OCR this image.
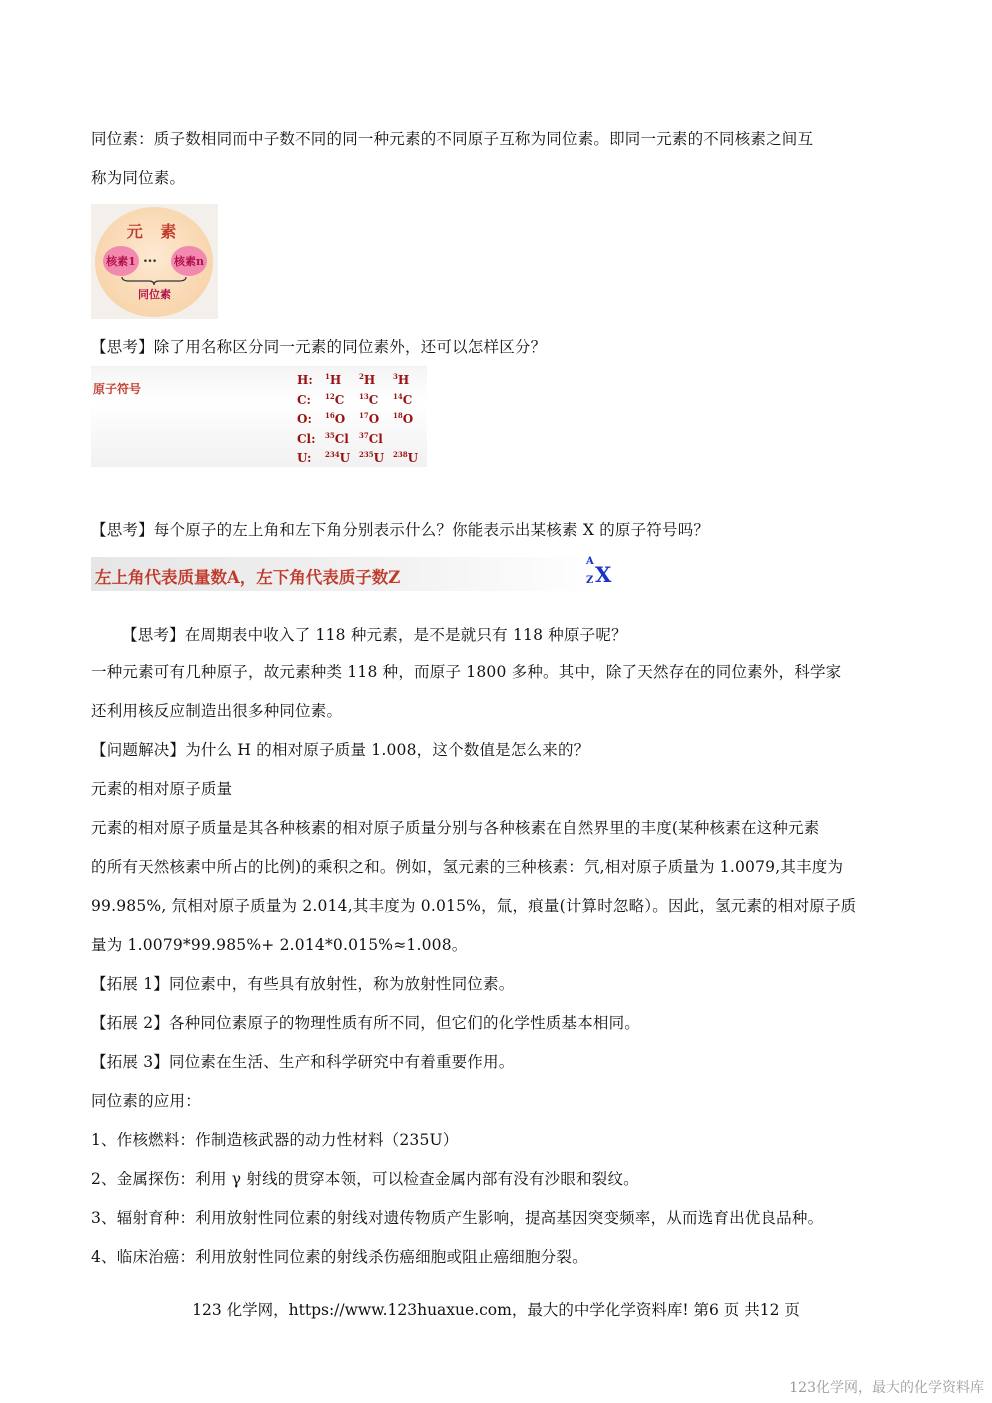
同位素：质子数相同而中子数不同的同一种元素的不同原子互称为同位素。即同一元素的不同核素之间互
称为同位素。
元 素
核素1 … 核素n
同位素
【思考】除了用名称区分同一元素的同位素外，还可以怎样区分？
原子符号
H: $^1$H	$^2$H	$^3$H
C: $^{12}$C $^{13}$C $^{14}$C
O: $^{16}$O $^{17}$O $^{18}$O
Cl: $^{35}$Cl $^{37}$Cl
U: $^{234}$U $^{235}$U $^{238}$U
【思考】每个原子的左上角和左下角分别表示什么？你能表示出某核素 X 的原子符号吗？
左上角代表质量数A，左下角代表质子数Z
A
Z X
【思考】在周期表中收入了 118 种元素，是不是就只有 118 种原子呢？
一种元素可有几种原子，故元素种类 118 种，而原子 1800 多种。其中，除了天然存在的同位素外，科学家
还利用核反应制造出很多种同位素。
【问题解决】为什么 H 的相对原子质量 1.008，这个数值是怎么来的？
元素的相对原子质量
元素的相对原子质量是其各种核素的相对原子质量分别与各种核素在自然界里的丰度(某种核素在这种元素
的所有天然核素中所占的比例)的乘积之和。例如，氢元素的三种核素：氕,相对原子质量为 1.0079,其丰度为
99.985%, 氘相对原子质量为 2.014,其丰度为 0.015%，氚，痕量(计算时忽略）。因此，氢元素的相对原子质
量为 1.0079*99.985%+ 2.014*0.015%≈1.008。
【拓展 1】同位素中，有些具有放射性，称为放射性同位素。
【拓展 2】各种同位素原子的物理性质有所不同，但它们的化学性质基本相同。
【拓展 3】同位素在生活、生产和科学研究中有着重要作用。
同位素的应用：
1、作核燃料：作制造核武器的动力性材料（235U）
2、金属探伤：利用 γ 射线的贯穿本领，可以检查金属内部有没有沙眼和裂纹。
3、辐射育种：利用放射性同位素的射线对遗传物质产生影响，提高基因突变频率，从而选育出优良品种。
4、临床治癌：利用放射性同位素的射线杀伤癌细胞或阻止癌细胞分裂。
123 化学网，https://www.123huaxue.com，最大的中学化学资料库! 第6 页 共12 页
123化学网，最大的化学资料库
